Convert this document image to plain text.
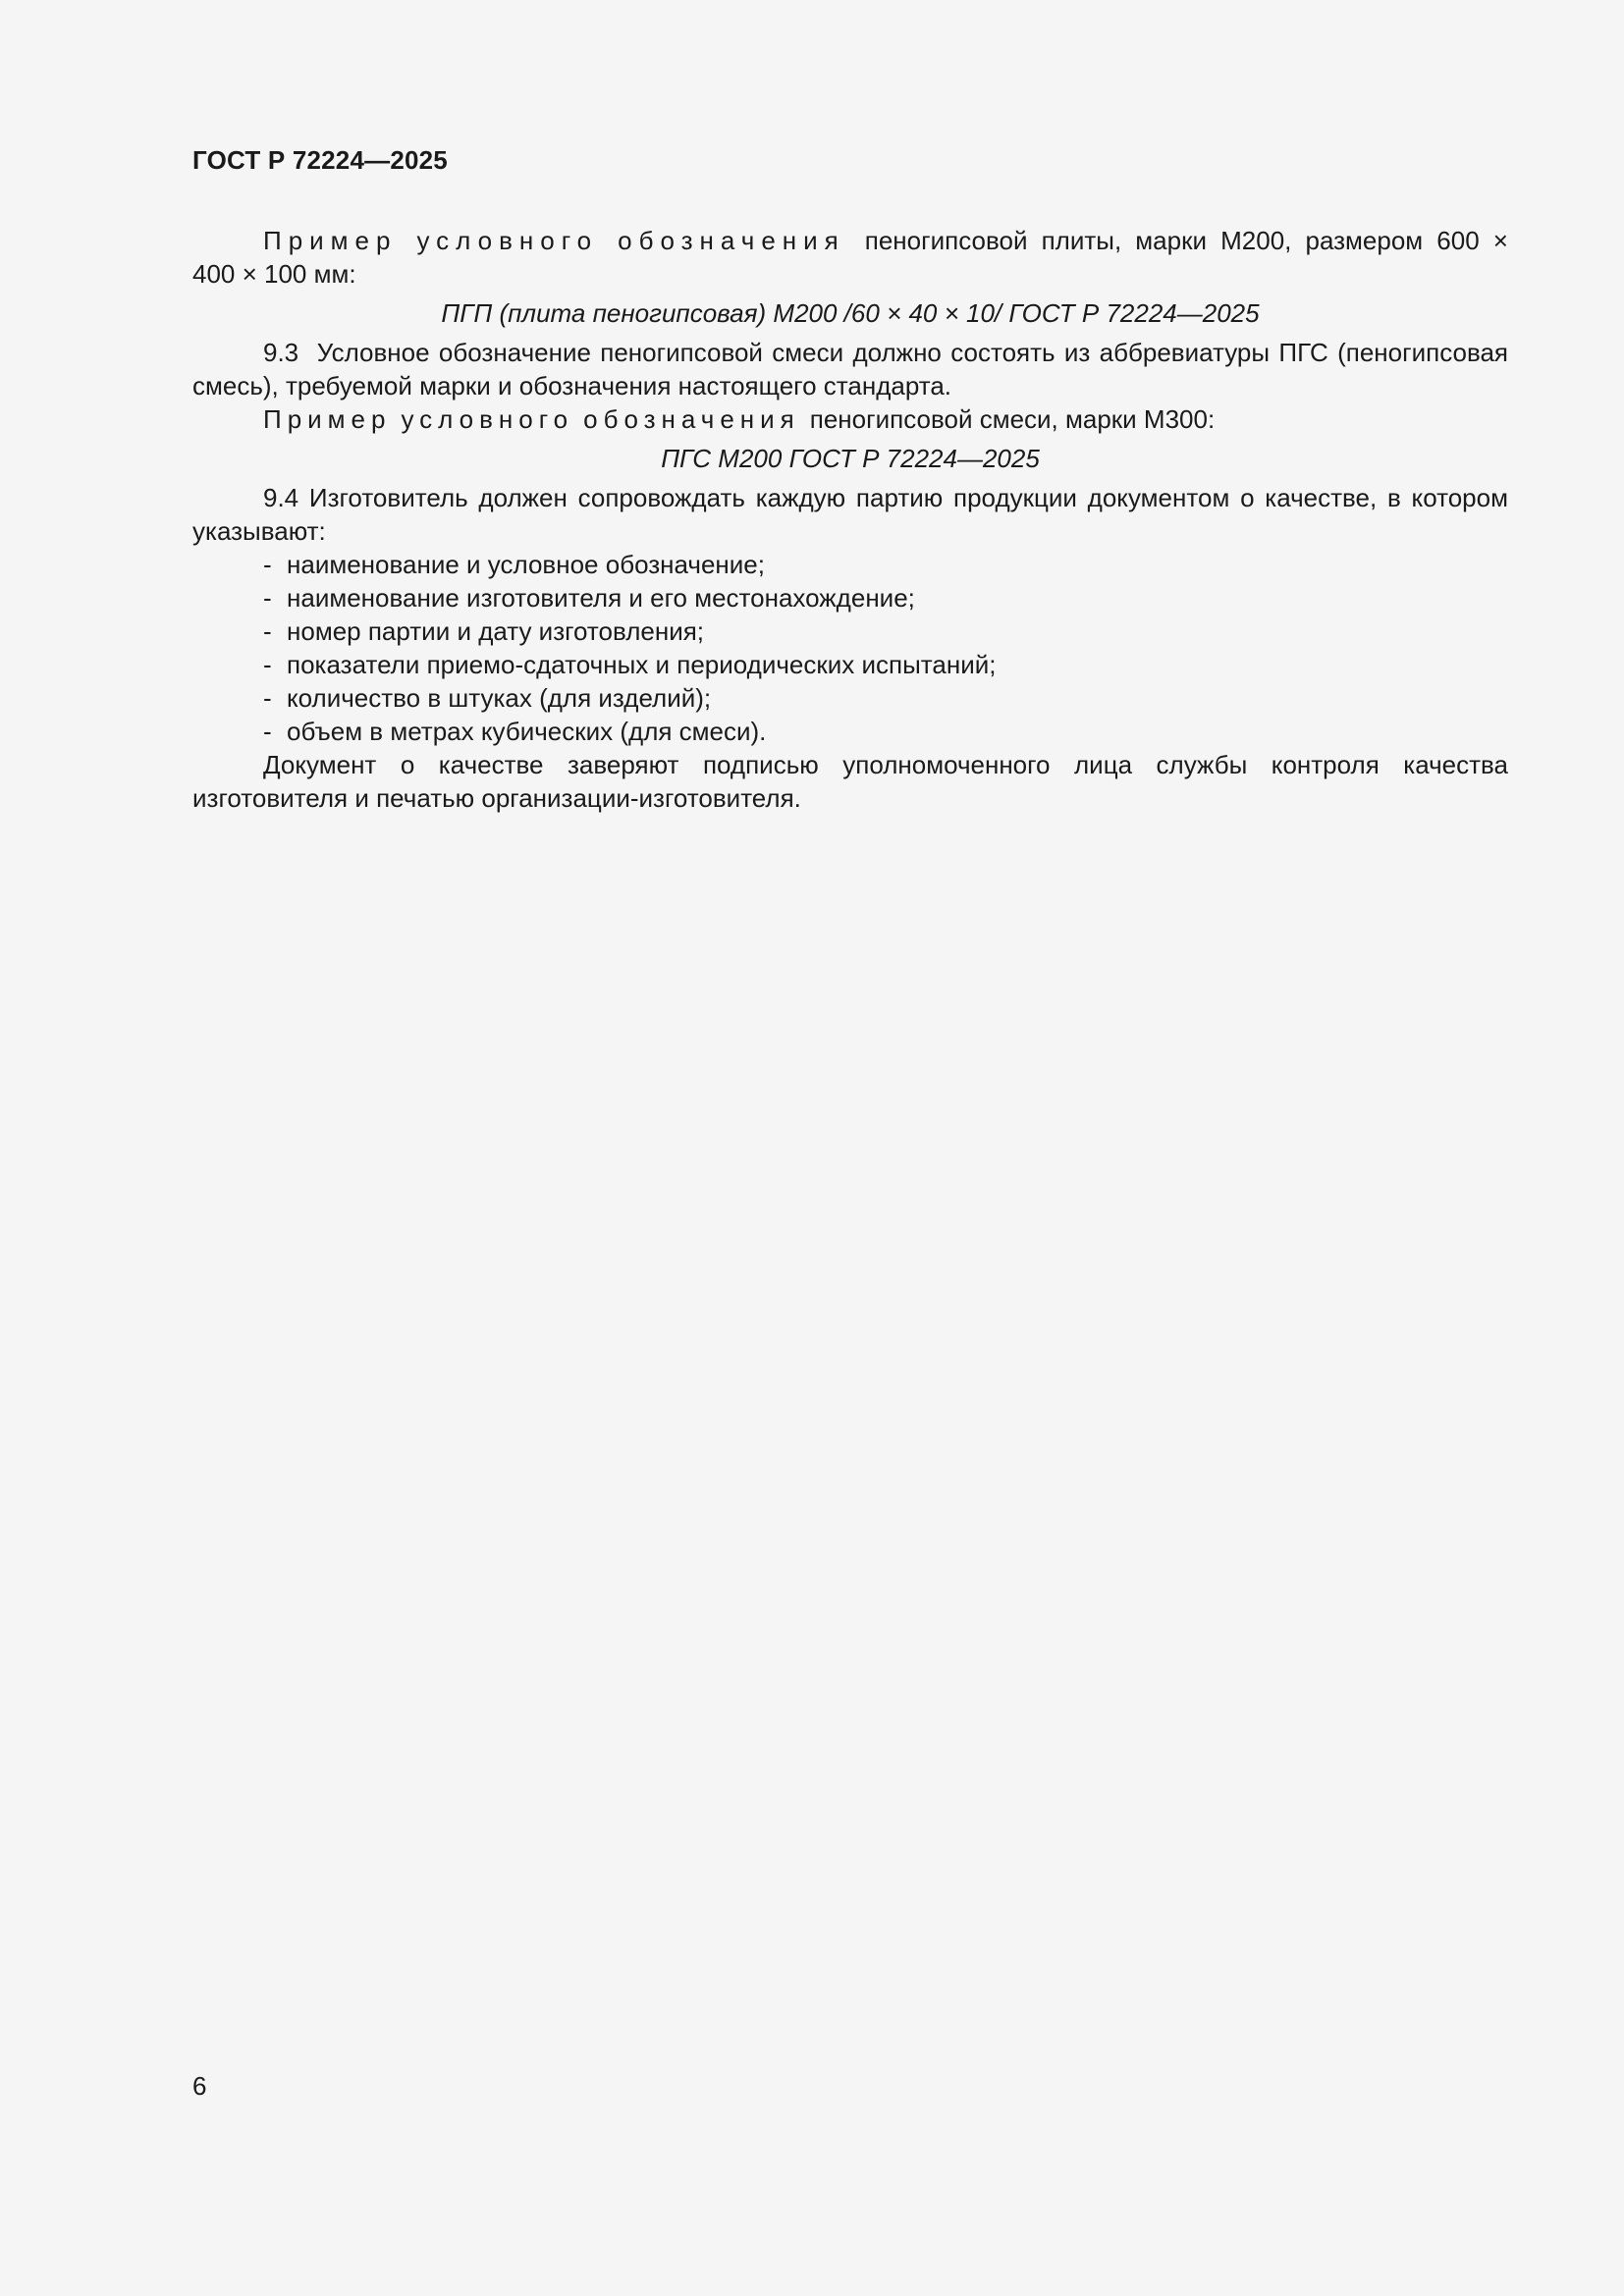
ГОСТ Р 72224—2025

Пример условного обозначения пеногипсовой плиты, марки М200, размером 600 × 400 × 100 мм:

ПГП (плита пеногипсовая) М200 /60 × 40 × 10/ ГОСТ Р 72224—2025

9.3 Условное обозначение пеногипсовой смеси должно состоять из аббревиатуры ПГС (пеногипсовая смесь), требуемой марки и обозначения настоящего стандарта.

Пример условного обозначения пеногипсовой смеси, марки М300:

ПГС М200 ГОСТ Р 72224—2025

9.4 Изготовитель должен сопровождать каждую партию продукции документом о качестве, в котором указывают:

- наименование и условное обозначение;
- наименование изготовителя и его местонахождение;
- номер партии и дату изготовления;
- показатели приемо-сдаточных и периодических испытаний;
- количество в штуках (для изделий);
- объем в метрах кубических (для смеси).

Документ о качестве заверяют подписью уполномоченного лица службы контроля качества изготовителя и печатью организации-изготовителя.

6
